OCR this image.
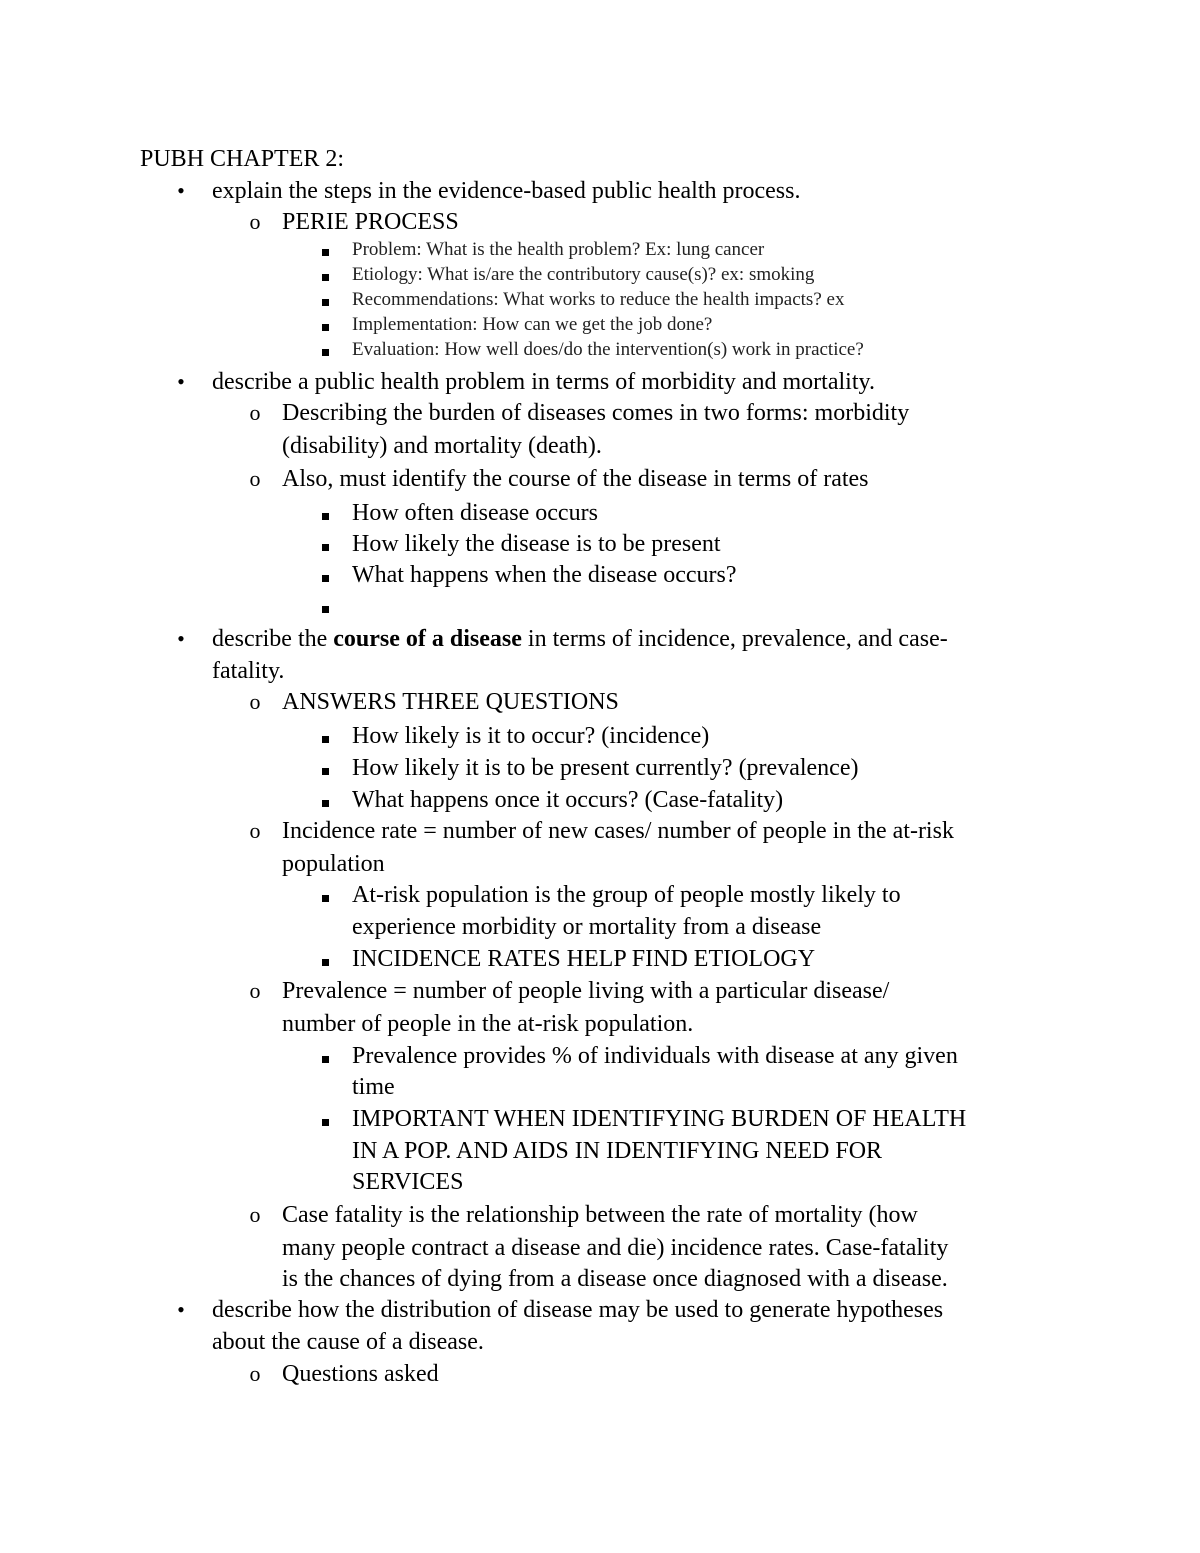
PUBH CHAPTER 2:
•	explain the steps in the evidence-based public health process.
o PERIE PROCESS
Problem: What is the health problem? Ex: lung cancer
Etiology: What is/are the contributory cause(s)? ex: smoking
Recommendations: What works to reduce the health impacts? ex
Implementation: How can we get the job done?
Evaluation: How well does/do the intervention(s) work in practice?
•	describe a public health problem in terms of morbidity and mortality.
o Describing the burden of diseases comes in two forms: morbidity
(disability) and mortality (death).
o Also, must identify the course of the disease in terms of rates
How often disease occurs
How likely the disease is to be present
What happens when the disease occurs?
•	describe the course of a disease in terms of incidence, prevalence, and case-
fatality.
o ANSWERS THREE QUESTIONS
How likely is it to occur? (incidence)
How likely it is to be present currently? (prevalence)
What happens once it occurs? (Case-fatality)
o Incidence rate = number of new cases/ number of people in the at-risk
population
At-risk population is the group of people mostly likely to
experience morbidity or mortality from a disease
INCIDENCE RATES HELP FIND ETIOLOGY
o Prevalence = number of people living with a particular disease/
number of people in the at-risk population.
Prevalence provides % of individuals with disease at any given
time
IMPORTANT WHEN IDENTIFYING BURDEN OF HEALTH
IN A POP. AND AIDS IN IDENTIFYING NEED FOR
SERVICES
o Case fatality is the relationship between the rate of mortality (how
many people contract a disease and die) incidence rates. Case-fatality
is the chances of dying from a disease once diagnosed with a disease.
•	describe how the distribution of disease may be used to generate hypotheses
about the cause of a disease.
o Questions asked
